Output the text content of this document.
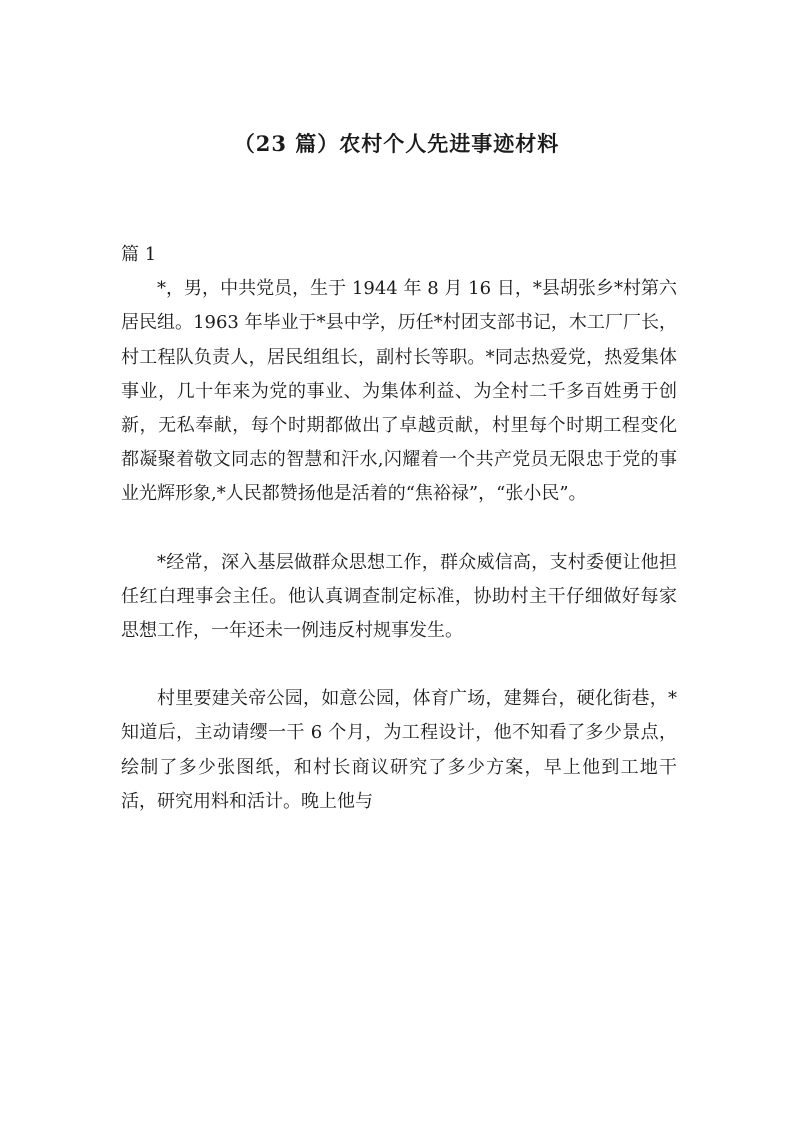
（23 篇）农村个人先进事迹材料

篇 1

*，男，中共党员，生于 1944 年 8 月 16 日，*县胡张乡*村第六居民组。1963 年毕业于*县中学，历任*村团支部书记，木工厂厂长，村工程队负责人，居民组组长，副村长等职。*同志热爱党，热爱集体事业，几十年来为党的事业、为集体利益、为全村二千多百姓勇于创新，无私奉献，每个时期都做出了卓越贡献，村里每个时期工程变化都凝聚着敬文同志的智慧和汗水,闪耀着一个共产党员无限忠于党的事业光辉形象,*人民都赞扬他是活着的“焦裕禄”，“张小民”。

*经常，深入基层做群众思想工作，群众威信高，支村委便让他担任红白理事会主任。他认真调查制定标准，协助村主干仔细做好每家思想工作，一年还未一例违反村规事发生。

村里要建关帝公园，如意公园，体育广场，建舞台，硬化街巷，*知道后，主动请缨一干 6 个月，为工程设计，他不知看了多少景点，绘制了多少张图纸，和村长商议研究了多少方案，早上他到工地干活，研究用料和活计。晚上他与
